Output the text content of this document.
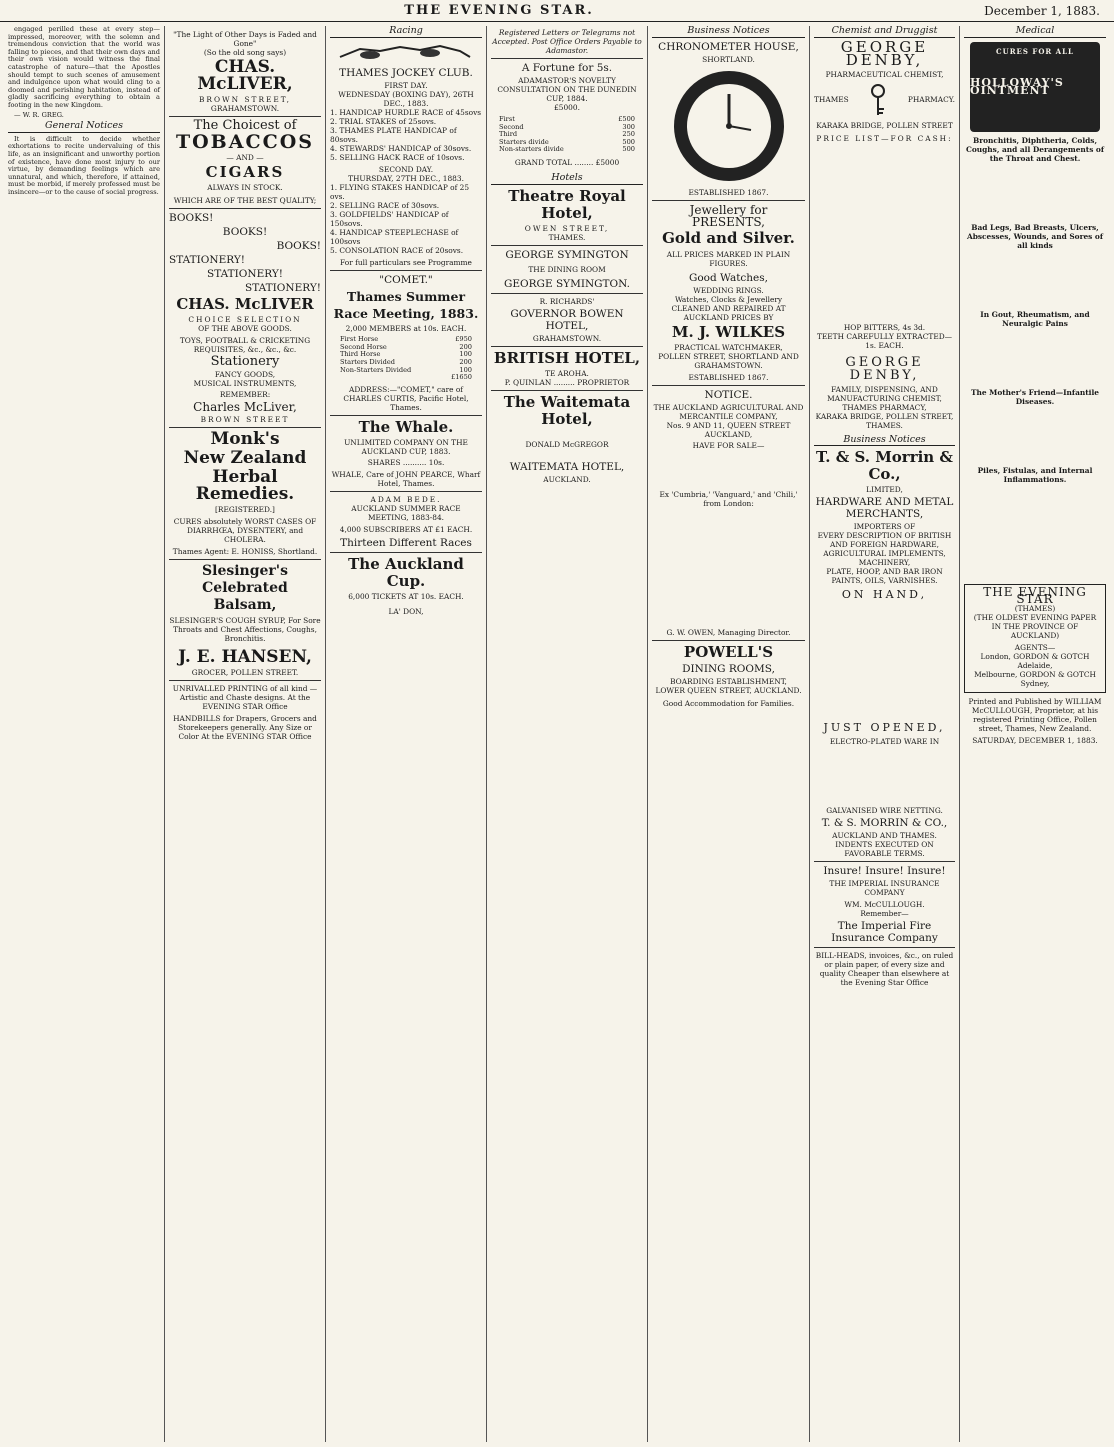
THE EVENING STAR.	December 1, 1883.

engaged perilled these at every step—impressed, moreover, with the solemn and tremendous conviction that the world was falling to pieces, and that their own days and their own vision would witness the final catastrophe of nature—that the Apostles should tempt to such scenes of amusement and indulgence upon what would cling to a doomed and perishing habitation, instead of gladly sacrificing everything to obtain a footing in the new Kingdom.

— W. R. GREG.

General Notices

It is difficult to decide whether exhortations to recite undervaluing of this life, as an insignificant and unworthy portion of existence, have done most injury to our virtue, by demanding feelings which are unnatural, and which, therefore, if attained, must be morbid, if merely professed must be insincere—or to the cause of social progress.

"The Light of Other Days is Faded and Gone"
(So the old song says)
CHAS. McLIVER,
BROWN STREET,
GRAHAMSTOWN.
The Choicest of
TOBACCOS
— AND —
CIGARS
ALWAYS IN STOCK.
WHICH ARE OF THE BEST QUALITY;
BOOKS!
BOOKS!
BOOKS!
STATIONERY!
STATIONERY!
STATIONERY!
CHAS. McLIVER
CHOICE SELECTION
OF THE ABOVE GOODS.
TOYS, FOOTBALL & CRICKETING REQUISITES, &c., &c., &c.
Stationery
FANCY GOODS,
MUSICAL INSTRUMENTS,
REMEMBER:
Charles McLiver,
BROWN STREET
Monk's
New Zealand
Herbal Remedies.
[REGISTERED.]
CURES absolutely WORST CASES OF DIARRHŒA, DYSENTERY, and CHOLERA.
Thames Agent: E. HONISS, Shortland.
Slesinger's Celebrated Balsam,
SLESINGER'S COUGH SYRUP, For Sore Throats and Chest Affections, Coughs, Bronchitis.
J. E. HANSEN,
GROCER, POLLEN STREET.
UNRIVALLED PRINTING of all kind —Artistic and Chaste designs. At the EVENING STAR Office
HANDBILLS for Drapers, Grocers and Storekeepers generally. Any Size or Color At the EVENING STAR Office
Racing
THAMES JOCKEY CLUB.
FIRST DAY.
WEDNESDAY (BOXING DAY), 26TH DEC., 1883.
1. HANDICAP HURDLE RACE of 45sovs
2. TRIAL STAKES of 25sovs.
3. THAMES PLATE HANDICAP of 80sovs.
4. STEWARDS' HANDICAP of 30sovs.
5. SELLING HACK RACE of 10sovs.
SECOND DAY.
THURSDAY, 27TH DEC., 1883.
1. FLYING STAKES HANDICAP of 25 ovs.
2. SELLING RACE of 30sovs.
3. GOLDFIELDS' HANDICAP of 150sovs.
4. HANDICAP STEEPLECHASE of 100sovs
5. CONSOLATION RACE of 20sovs.
For full particulars see Programme
"COMET."
Thames Summer Race Meeting, 1883.
2,000 MEMBERS at 10s. EACH.
First Horse	£950
Second Horse	200
Third Horse	100
Starters Divided	200
Non-Starters Divided	100
£1650
ADDRESS:—"COMET," care of CHARLES CURTIS, Pacific Hotel, Thames.
The Whale.
UNLIMITED COMPANY ON THE AUCKLAND CUP, 1883.
SHARES .......... 10s.
WHALE, Care of JOHN PEARCE, Wharf Hotel, Thames.
ADAM BEDE.
AUCKLAND SUMMER RACE MEETING, 1883-84.
4,000 SUBSCRIBERS AT £1 EACH.
Thirteen Different Races
The Auckland Cup.
6,000 TICKETS AT 10s. EACH.
LA' DON,
Registered Letters or Telegrams not Accepted. Post Office Orders Payable to Adamastor.
A Fortune for 5s.
ADAMASTOR'S NOVELTY CONSULTATION ON THE DUNEDIN CUP, 1884.
£5000.
First	£500
Second	300
Third	250
Starters divide	500
Non-starters divide	500
GRAND TOTAL ........ £5000
Hotels
Theatre Royal Hotel,
OWEN STREET,
THAMES.
GEORGE SYMINGTON
THE DINING ROOM
GEORGE SYMINGTON.
R. RICHARDS'
GOVERNOR BOWEN HOTEL,
GRAHAMSTOWN.
BRITISH HOTEL,
TE AROHA.
P. QUINLAN ......... PROPRIETOR
The Waitemata Hotel,
DONALD McGREGOR
WAITEMATA HOTEL,
AUCKLAND.
Business Notices
CHRONOMETER HOUSE,
SHORTLAND.
ESTABLISHED 1867.
Jewellery for PRESENTS,
Gold and Silver.
ALL PRICES MARKED IN PLAIN FIGURES.
Good Watches,
WEDDING RINGS.
Watches, Clocks & Jewellery
CLEANED AND REPAIRED AT AUCKLAND PRICES BY
M. J. WILKES
PRACTICAL WATCHMAKER,
POLLEN STREET, SHORTLAND AND GRAHAMSTOWN.
ESTABLISHED 1867.
NOTICE.
THE AUCKLAND AGRICULTURAL AND MERCANTILE COMPANY,
Nos. 9 AND 11, QUEEN STREET AUCKLAND,
HAVE FOR SALE—
Ex 'Cumbria,' 'Vanguard,' and 'Chili,' from London:
G. W. OWEN, Managing Director.
POWELL'S
DINING ROOMS,
BOARDING ESTABLISHMENT,
LOWER QUEEN STREET, AUCKLAND.
Good Accommodation for Families.
Chemist and Druggist
GEORGE DENBY,
PHARMACEUTICAL CHEMIST,
THAMES	PHARMACY.
KARAKA BRIDGE, POLLEN STREET
PRICE LIST—FOR CASH:
HOP BITTERS, 4s 3d.
TEETH CAREFULLY EXTRACTED—1s. EACH.
GEORGE DENBY,
FAMILY, DISPENSING, AND MANUFACTURING CHEMIST, THAMES PHARMACY,
KARAKA BRIDGE, POLLEN STREET, THAMES.
Business Notices
T. & S. Morrin & Co.,
LIMITED,
HARDWARE AND METAL MERCHANTS,
IMPORTERS OF
EVERY DESCRIPTION OF BRITISH AND FOREIGN HARDWARE, AGRICULTURAL IMPLEMENTS, MACHINERY,
PLATE, HOOP, AND BAR IRON PAINTS, OILS, VARNISHES.
ON HAND,
JUST OPENED,
ELECTRO-PLATED WARE IN
GALVANISED WIRE NETTING.
T. & S. MORRIN & CO.,
AUCKLAND AND THAMES.
INDENTS EXECUTED ON FAVORABLE TERMS.
Insure! Insure! Insure!
THE IMPERIAL INSURANCE COMPANY
WM. McCULLOUGH.
Remember—
The Imperial Fire Insurance Company
BILL-HEADS, invoices, &c., on ruled or plain paper, of every size and quality Cheaper than elsewhere at the Evening Star Office
Medical
CURES FOR ALL
HOLLOWAY'S OINTMENT
Bronchitis, Diphtheria, Colds, Coughs, and all Derangements of the Throat and Chest.
Bad Legs, Bad Breasts, Ulcers, Abscesses, Wounds, and Sores of all kinds
In Gout, Rheumatism, and Neuralgic Pains
The Mother's Friend—Infantile Diseases.
Piles, Fistulas, and Internal Inflammations.
THE EVENING STAR
(THAMES)
(THE OLDEST EVENING PAPER IN THE PROVINCE OF AUCKLAND)
AGENTS—
London, GORDON & GOTCH
Adelaide,
Melbourne, GORDON & GOTCH
Sydney,
Printed and Published by WILLIAM McCULLOUGH, Proprietor, at his registered Printing Office, Pollen street, Thames, New Zealand.
SATURDAY, DECEMBER 1, 1883.
